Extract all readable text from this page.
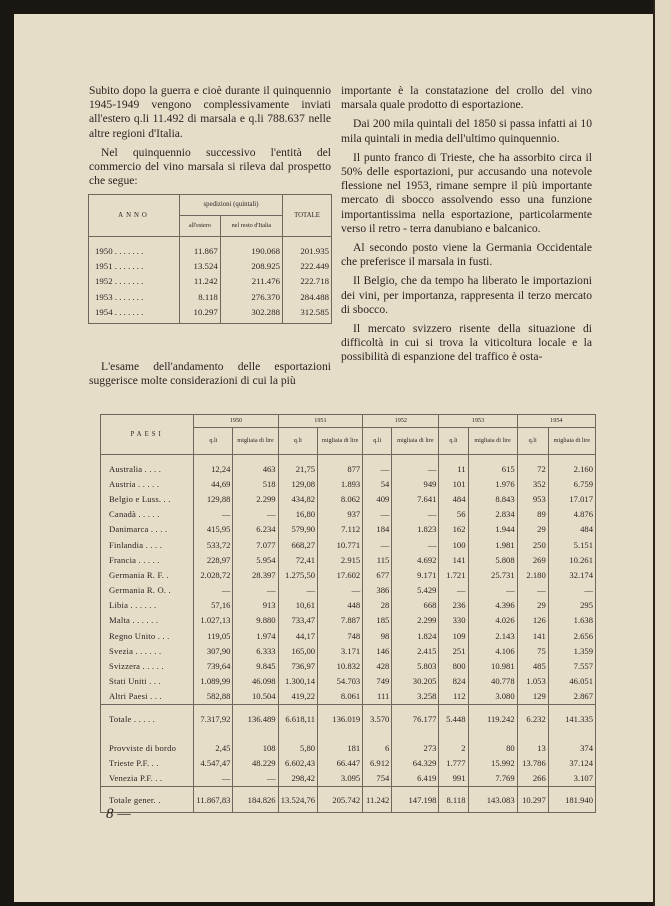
Subito dopo la guerra e cioè durante il quinquennio 1945-1949 vengono complessivamente inviati all'estero q.li 11.492 di marsala e q.li 788.637 nelle altre regioni d'Italia.

Nel quinquennio successivo l'entità del commercio del vino marsala si rileva dal prospetto che segue:

ANNO	spedizioni (quintali)		TOTALE
	all'estero	nel resto d'Italia	
1950 . . . . . . .	11.867	190.068	201.935
1951 . . . . . . .	13.524	208.925	222.449
1952 . . . . . . .	11.242	211.476	222.718
1953 . . . . . . .	8.118	276.370	284.488
1954 . . . . . . .	10.297	302.288	312.585

L'esame dell'andamento delle esportazioni suggerisce molte considerazioni di cui la più

importante è la constatazione del crollo del vino marsala quale prodotto di esportazione.

Dai 200 mila quintali del 1850 si passa infatti ai 10 mila quintali in media dell'ultimo quinquennio.

Il punto franco di Trieste, che ha assorbito circa il 50% delle esportazioni, pur accusando una notevole flessione nel 1953, rimane sempre il più importante mercato di sbocco assolvendo esso una funzione importantissima nella esportazione, particolarmente verso il retro - terra danubiano e balcanico.

Al secondo posto viene la Germania Occidentale che preferisce il marsala in fusti.

Il Belgio, che da tempo ha liberato le importazioni dei vini, per importanza, rappresenta il terzo mercato di sbocco.

Il mercato svizzero risente della situazione di difficoltà in cui si trova la viticoltura locale e la possibilità di espanzione del traffico è osta-

PAESI	1950		1951		1952		1953		1954	
	q.li	migliaia di lire	q.li	migliaia di lire	q.li	migliaia di lire	q.li	migliaia di lire	q.li	migliaia di lire
Australia . . . .	12,24	463	21,75	877	—	—	11	615	72	2.160
Austria . . . . .	44,69	518	129,08	1.893	54	949	101	1.976	352	6.759
Belgio e Luss. . .	129,88	2.299	434,82	8.062	409	7.641	484	8.843	953	17.017
Canadà . . . . .	—	—	16,80	937	—	—	56	2.834	89	4.876
Danimarca . . . .	415,95	6.234	579,90	7.112	184	1.823	162	1.944	29	484
Finlandia . . . .	533,72	7.077	668,27	10.771	—	—	100	1.981	250	5.151
Francia . . . . .	228,97	5.954	72,41	2.915	115	4.692	141	5.808	269	10.261
Germania R. F. .	2.028,72	28.397	1.275,50	17.602	677	9.171	1.721	25.731	2.180	32.174
Germania R. O. .	—	—	—	—	386	5.429	—	—	—	—
Libia . . . . . .	57,16	913	10,61	448	28	668	236	4.396	29	295
Malta . . . . . .	1.027,13	9.880	733,47	7.887	185	2.299	330	4.026	126	1.638
Regno Unito . . .	119,05	1.974	44,17	748	98	1.824	109	2.143	141	2.656
Svezia . . . . . .	307,90	6.333	165,00	3.171	146	2.415	251	4.106	75	1.359
Svizzera . . . . .	739,64	9.845	736,97	10.832	428	5.803	800	10.981	485	7.557
Stati Uniti . . .	1.089,99	46.098	1.300,14	54.703	749	30.205	824	40.778	1.053	46.051
Altri Paesi . . .	582,88	10.504	419,22	8.061	111	3.258	112	3.080	129	2.867
Totale . . . . .	7.317,92	136.489	6.618,11	136.019	3.570	76.177	5.448	119.242	6.232	141.335
Provviste di bordo	2,45	108	5,80	181	6	273	2	80	13	374
Trieste P.F. . .	4.547,47	48.229	6.602,43	66.447	6.912	64.329	1.777	15.992	13.786	37.124
Venezia P.F. . .	—	—	298,42	3.095	754	6.419	991	7.769	266	3.107
Totale gener. .	11.867,83	184.826	13.524,76	205.742	11.242	147.198	8.118	143.083	10.297	181.940
8 —
